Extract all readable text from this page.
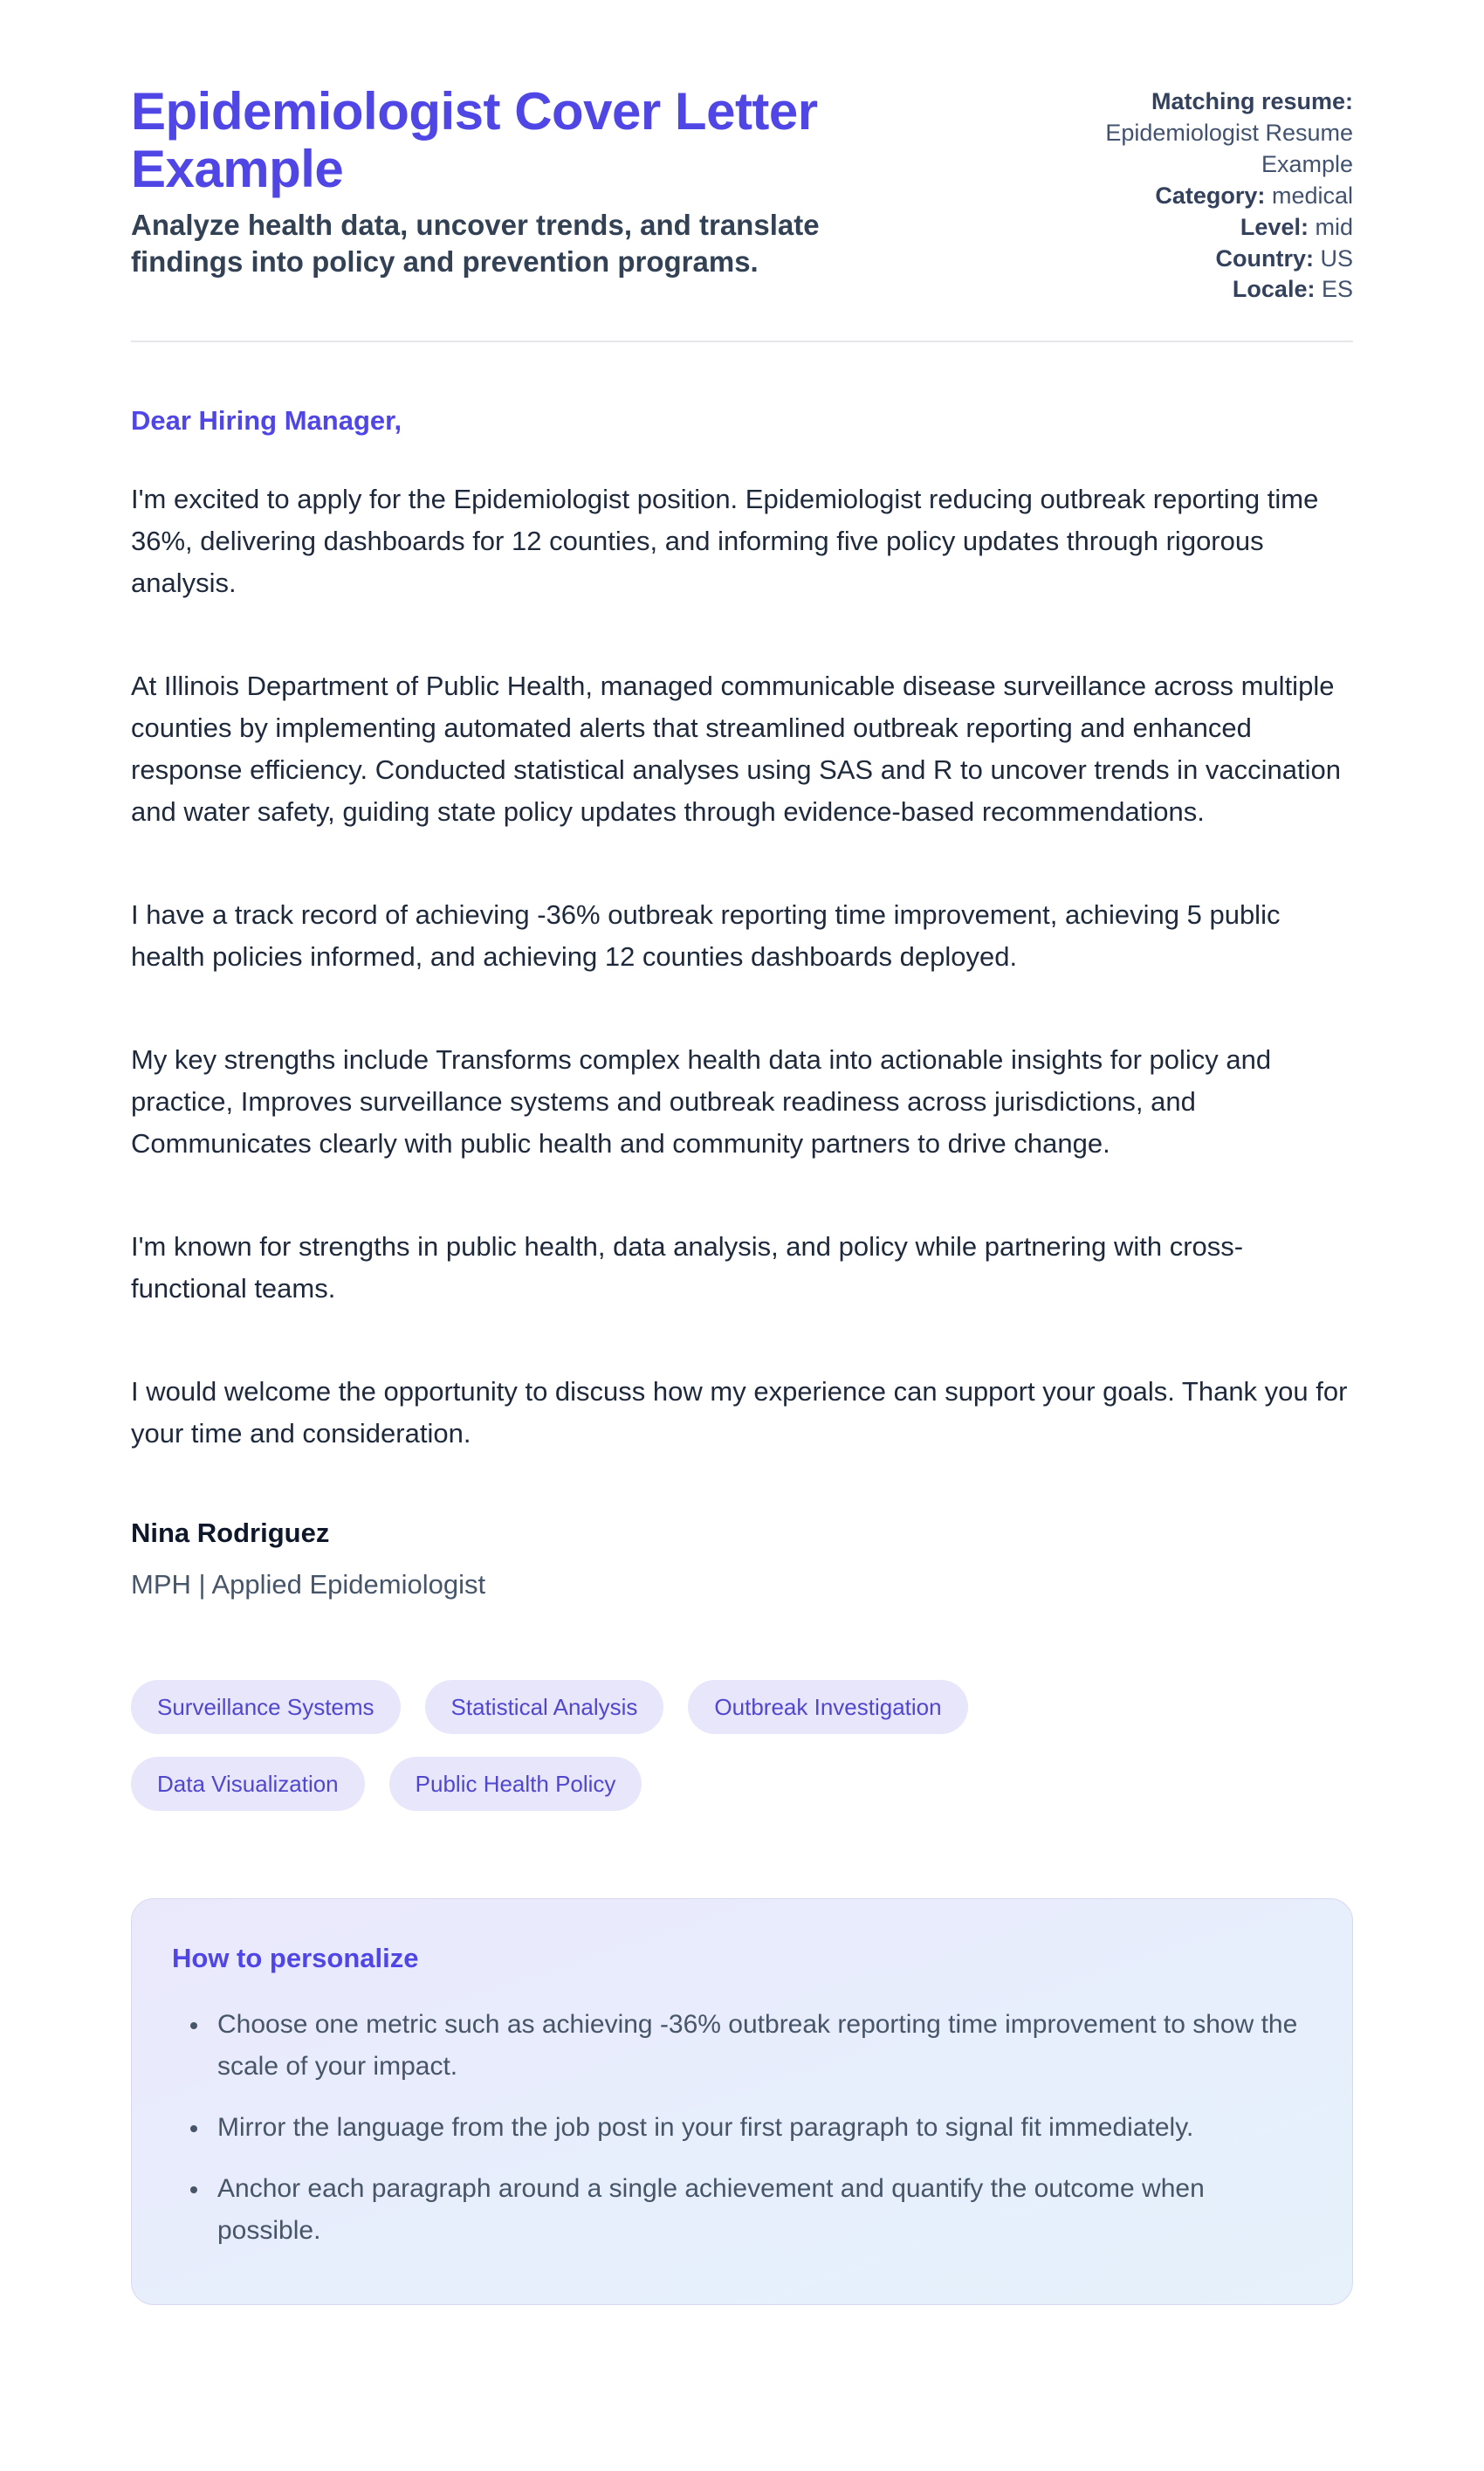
Epidemiologist Cover Letter Example

Analyze health data, uncover trends, and translate findings into policy and prevention programs.

Matching resume: Epidemiologist Resume Example
Category: medical
Level: mid
Country: US
Locale: ES

Dear Hiring Manager,

I'm excited to apply for the Epidemiologist position. Epidemiologist reducing outbreak reporting time 36%, delivering dashboards for 12 counties, and informing five policy updates through rigorous analysis.

At Illinois Department of Public Health, managed communicable disease surveillance across multiple counties by implementing automated alerts that streamlined outbreak reporting and enhanced response efficiency. Conducted statistical analyses using SAS and R to uncover trends in vaccination and water safety, guiding state policy updates through evidence-based recommendations.

I have a track record of achieving -36% outbreak reporting time improvement, achieving 5 public health policies informed, and achieving 12 counties dashboards deployed.

My key strengths include Transforms complex health data into actionable insights for policy and practice, Improves surveillance systems and outbreak readiness across jurisdictions, and Communicates clearly with public health and community partners to drive change.

I'm known for strengths in public health, data analysis, and policy while partnering with cross-functional teams.

I would welcome the opportunity to discuss how my experience can support your goals. Thank you for your time and consideration.

Nina Rodriguez

MPH | Applied Epidemiologist

Surveillance Systems	Statistical Analysis	Outbreak Investigation
Data Visualization	Public Health Policy
How to personalize
• Choose one metric such as achieving -36% outbreak reporting time improvement to show the scale of your impact.
• Mirror the language from the job post in your first paragraph to signal fit immediately.
• Anchor each paragraph around a single achievement and quantify the outcome when possible.
